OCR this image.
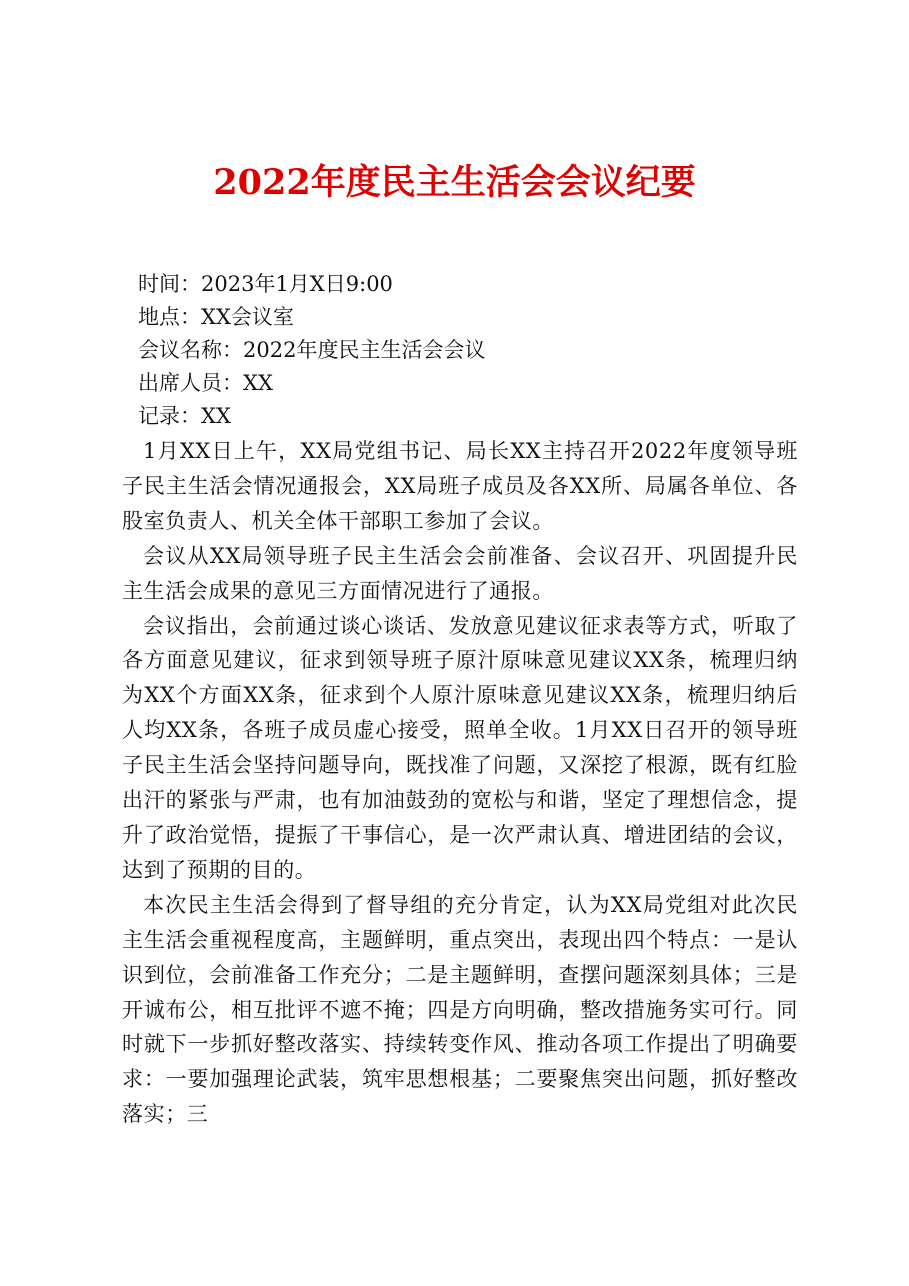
2022年度民主生活会会议纪要
时间：2023年1月X日9:00
地点：XX会议室
会议名称：2022年度民主生活会会议
出席人员：XX
记录：XX

1月XX日上午，XX局党组书记、局长XX主持召开2022年度领导班子民主生活会情况通报会，XX局班子成员及各XX所、局属各单位、各股室负责人、机关全体干部职工参加了会议。

会议从XX局领导班子民主生活会会前准备、会议召开、巩固提升民主生活会成果的意见三方面情况进行了通报。

会议指出，会前通过谈心谈话、发放意见建议征求表等方式，听取了各方面意见建议，征求到领导班子原汁原味意见建议XX条，梳理归纳为XX个方面XX条，征求到个人原汁原味意见建议XX条，梳理归纳后人均XX条，各班子成员虚心接受，照单全收。1月XX日召开的领导班子民主生活会坚持问题导向，既找准了问题，又深挖了根源，既有红脸出汗的紧张与严肃，也有加油鼓劲的宽松与和谐，坚定了理想信念，提升了政治觉悟，提振了干事信心，是一次严肃认真、增进团结的会议，达到了预期的目的。

本次民主生活会得到了督导组的充分肯定，认为XX局党组对此次民主生活会重视程度高，主题鲜明，重点突出，表现出四个特点：一是认识到位，会前准备工作充分；二是主题鲜明，查摆问题深刻具体；三是开诚布公，相互批评不遮不掩；四是方向明确，整改措施务实可行。同时就下一步抓好整改落实、持续转变作风、推动各项工作提出了明确要求：一要加强理论武装，筑牢思想根基；二要聚焦突出问题，抓好整改落实；三
